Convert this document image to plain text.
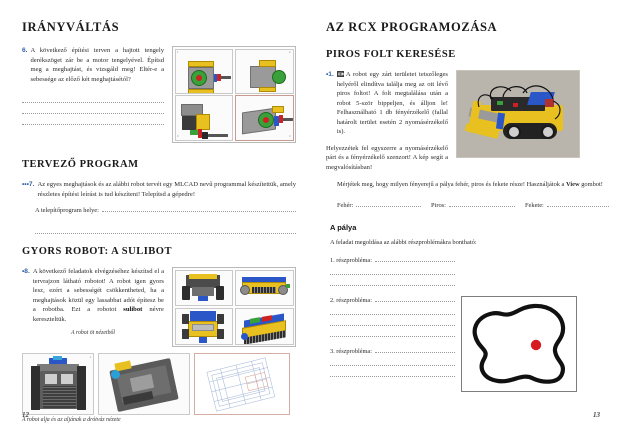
IRÁNYVÁLTÁS
6. A következő építési terven a hajtott tengely derékszöget zár be a motor tengelyével. Építsd meg a meghajtást, és vizsgáld meg! Eltér-e a sebessége az előző két meghajtásétól?
1	2
3	4
TERVEZŐ PROGRAM
•••7. Az egyes meghajtások és az alábbi robot tervét egy MLCAD nevű programmal készítettük, amely részletes építési leírást is tud készíteni! Telepítsd a gépedre!
A telepítőprogram helye:
GYORS ROBOT: A SULIBOT
•8. A következő feladatok elvégzéséhez készítsd el a tervrajzon látható robotot! A robot igen gyors lesz, ezért a sebességét csökkentheted, ha a meghajtások közül egy lassabbat adót építesz be a robotba. Ezt a robotot sulibot névre kereszteltük.
A robot öt nézetből
1
A robot alja és az aljának a drótváz nézete
12
AZ RCX PROGRAMOZÁSA
PIROS FOLT KERESÉSE
•1.	A robot egy zárt területet tetszőleges helyéről elindítva találja meg az ott lévő piros foltot! A folt megtalálása után a robot 5-ször bippeljen, és álljon le! Felhasználható 1 db fényérzékelő (fallal határolt terület esetén 2 nyomásérzékelő is).
Helyezzétek fel egyszerre a nyomásérzékelő párt és a fényérzékelő szenzort! A kép segít a megvalósításban!
Mérjétek meg, hogy milyen fényerejű a pálya fehér, piros és fekete része! Használjátok a View gombot!
Fehér:	Piros:	Fekete:
A pálya
A feladat megoldása az alábbi részproblémákra bontható:
1. részprobléma:
2. részprobléma:
3. részprobléma:
13
